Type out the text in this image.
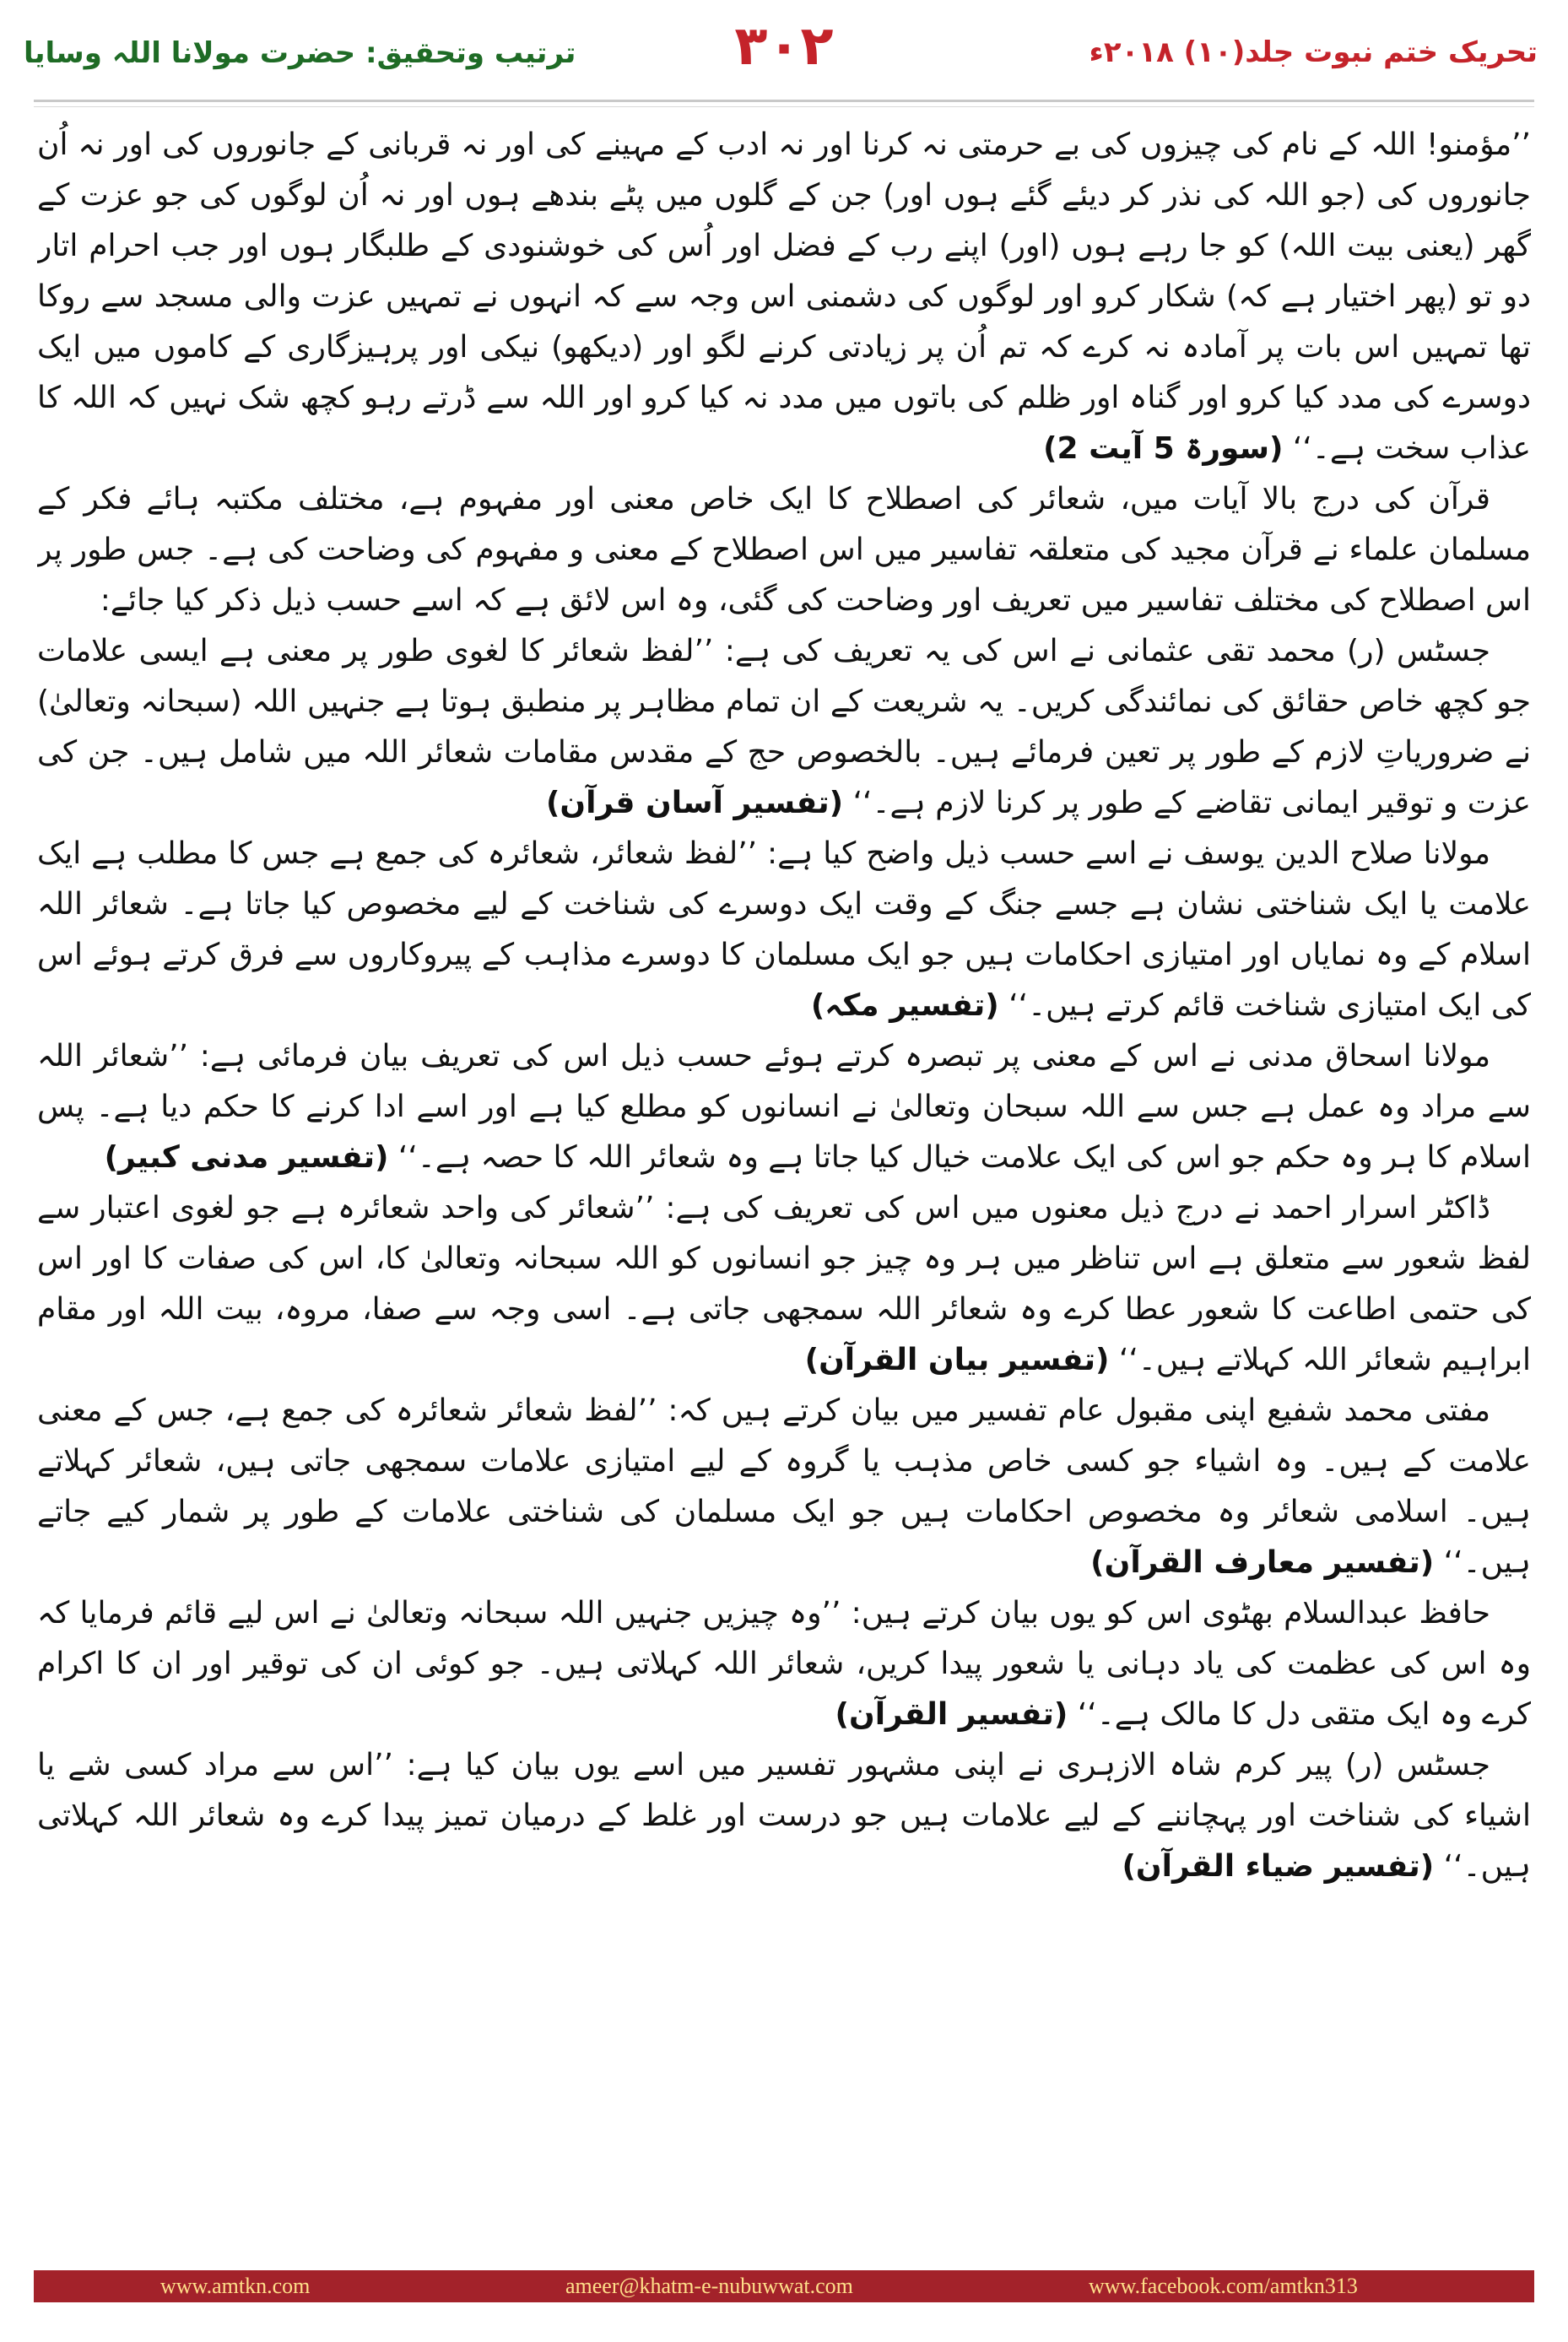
ترتیب وتحقیق: حضرت مولانا اللہ وسایا	۳۰۲	تحریک ختم نبوت جلد(۱۰) ۲۰۱۸ء

’’مؤمنو! اللہ کے نام کی چیزوں کی بے حرمتی نہ کرنا اور نہ ادب کے مہینے کی اور نہ قربانی کے جانوروں کی اور نہ اُن جانوروں کی (جو اللہ کی نذر کر دیئے گئے ہوں اور) جن کے گلوں میں پٹے بندھے ہوں اور نہ اُن لوگوں کی جو عزت کے گھر (یعنی بیت اللہ) کو جا رہے ہوں (اور) اپنے رب کے فضل اور اُس کی خوشنودی کے طلبگار ہوں اور جب احرام اتار دو تو (پھر اختیار ہے کہ) شکار کرو اور لوگوں کی دشمنی اس وجہ سے کہ انہوں نے تمہیں عزت والی مسجد سے روکا تھا تمہیں اس بات پر آمادہ نہ کرے کہ تم اُن پر زیادتی کرنے لگو اور (دیکھو) نیکی اور پرہیزگاری کے کاموں میں ایک دوسرے کی مدد کیا کرو اور گناہ اور ظلم کی باتوں میں مدد نہ کیا کرو اور اللہ سے ڈرتے رہو کچھ شک نہیں کہ اللہ کا عذاب سخت ہے۔‘‘ (سورۃ 5 آیت 2)

قرآن کی درج بالا آیات میں، شعائر کی اصطلاح کا ایک خاص معنی اور مفہوم ہے، مختلف مکتبہ ہائے فکر کے مسلمان علماء نے قرآن مجید کی متعلقہ تفاسیر میں اس اصطلاح کے معنی و مفہوم کی وضاحت کی ہے۔ جس طور پر اس اصطلاح کی مختلف تفاسیر میں تعریف اور وضاحت کی گئی، وہ اس لائق ہے کہ اسے حسب ذیل ذکر کیا جائے:

جسٹس (ر) محمد تقی عثمانی نے اس کی یہ تعریف کی ہے: ’’لفظ شعائر کا لغوی طور پر معنی ہے ایسی علامات جو کچھ خاص حقائق کی نمائندگی کریں۔ یہ شریعت کے ان تمام مظاہر پر منطبق ہوتا ہے جنہیں اللہ (سبحانہ وتعالیٰ) نے ضروریاتِ لازم کے طور پر تعین فرمائے ہیں۔ بالخصوص حج کے مقدس مقامات شعائر اللہ میں شامل ہیں۔ جن کی عزت و توقیر ایمانی تقاضے کے طور پر کرنا لازم ہے۔‘‘ (تفسیر آسان قرآن)

مولانا صلاح الدین یوسف نے اسے حسب ذیل واضح کیا ہے: ’’لفظ شعائر، شعائرہ کی جمع ہے جس کا مطلب ہے ایک علامت یا ایک شناختی نشان ہے جسے جنگ کے وقت ایک دوسرے کی شناخت کے لیے مخصوص کیا جاتا ہے۔ شعائر اللہ اسلام کے وہ نمایاں اور امتیازی احکامات ہیں جو ایک مسلمان کا دوسرے مذاہب کے پیروکاروں سے فرق کرتے ہوئے اس کی ایک امتیازی شناخت قائم کرتے ہیں۔‘‘ (تفسیر مکہ)

مولانا اسحاق مدنی نے اس کے معنی پر تبصرہ کرتے ہوئے حسب ذیل اس کی تعریف بیان فرمائی ہے: ’’شعائر اللہ سے مراد وہ عمل ہے جس سے اللہ سبحان وتعالیٰ نے انسانوں کو مطلع کیا ہے اور اسے ادا کرنے کا حکم دیا ہے۔ پس اسلام کا ہر وہ حکم جو اس کی ایک علامت خیال کیا جاتا ہے وہ شعائر اللہ کا حصہ ہے۔‘‘ (تفسیر مدنی کبیر)

ڈاکٹر اسرار احمد نے درج ذیل معنوں میں اس کی تعریف کی ہے: ’’شعائر کی واحد شعائرہ ہے جو لغوی اعتبار سے لفظ شعور سے متعلق ہے اس تناظر میں ہر وہ چیز جو انسانوں کو اللہ سبحانہ وتعالیٰ کا، اس کی صفات کا اور اس کی حتمی اطاعت کا شعور عطا کرے وہ شعائر اللہ سمجھی جاتی ہے۔ اسی وجہ سے صفا، مروہ، بیت اللہ اور مقام ابراہیم شعائر اللہ کہلاتے ہیں۔‘‘ (تفسیر بیان القرآن)

مفتی محمد شفیع اپنی مقبول عام تفسیر میں بیان کرتے ہیں کہ: ’’لفظ شعائر شعائرہ کی جمع ہے، جس کے معنی علامت کے ہیں۔ وہ اشیاء جو کسی خاص مذہب یا گروہ کے لیے امتیازی علامات سمجھی جاتی ہیں، شعائر کہلاتے ہیں۔ اسلامی شعائر وہ مخصوص احکامات ہیں جو ایک مسلمان کی شناختی علامات کے طور پر شمار کیے جاتے ہیں۔‘‘ (تفسیر معارف القرآن)

حافظ عبدالسلام بھٹوی اس کو یوں بیان کرتے ہیں: ’’وہ چیزیں جنہیں اللہ سبحانہ وتعالیٰ نے اس لیے قائم فرمایا کہ وہ اس کی عظمت کی یاد دہانی یا شعور پیدا کریں، شعائر اللہ کہلاتی ہیں۔ جو کوئی ان کی توقیر اور ان کا اکرام کرے وہ ایک متقی دل کا مالک ہے۔‘‘ (تفسیر القرآن)

جسٹس (ر) پیر کرم شاہ الازہری نے اپنی مشہور تفسیر میں اسے یوں بیان کیا ہے: ’’اس سے مراد کسی شے یا اشیاء کی شناخت اور پہچاننے کے لیے علامات ہیں جو درست اور غلط کے درمیان تمیز پیدا کرے وہ شعائر اللہ کہلاتی ہیں۔‘‘ (تفسیر ضیاء القرآن)

www.amtkn.com	ameer@khatm-e-nubuwwat.com	www.facebook.com/amtkn313
